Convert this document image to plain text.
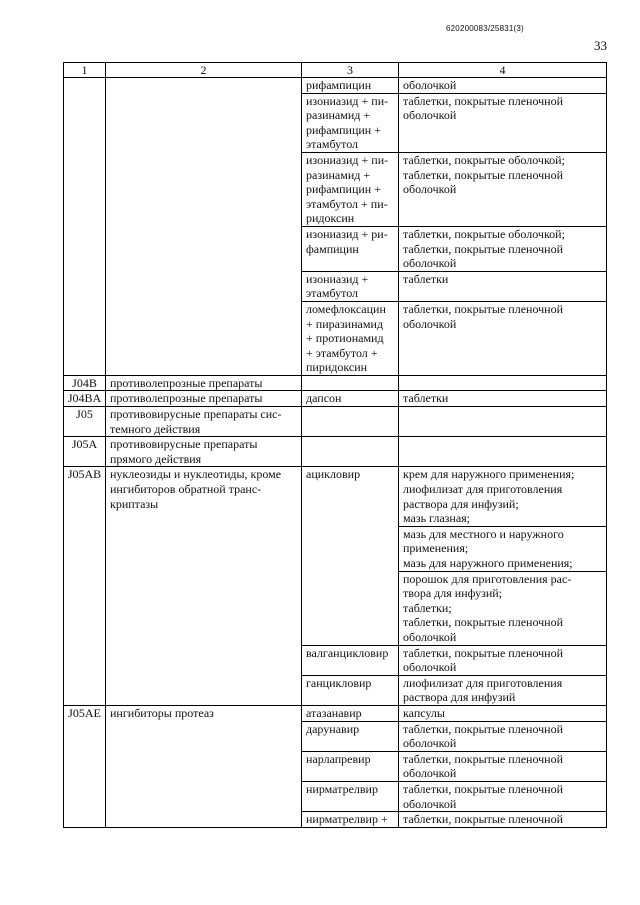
620200083/25831(3)
33
1	2	3	4
		рифампицин	оболочкой
		изониазид + пи-
разинамид +
рифампицин +
этамбутол	таблетки, покрытые пленочной
оболочкой
		изониазид + пи-
разинамид +
рифампицин +
этамбутол + пи-
ридоксин	таблетки, покрытые оболочкой;
таблетки, покрытые пленочной
оболочкой
		изониазид + ри-
фампицин	таблетки, покрытые оболочкой;
таблетки, покрытые пленочной
оболочкой
		изониазид +
этамбутол	таблетки
		ломефлоксацин
+ пиразинамид
+ протионамид
+ этамбутол +
пиридоксин	таблетки, покрытые пленочной
оболочкой
J04B	противолепрозные препараты		
J04BA	противолепрозные препараты	дапсон	таблетки
J05	противовирусные препараты сис-
темного действия		
J05A	противовирусные препараты
прямого действия		
J05AB	нуклеозиды и нуклеотиды, кроме
ингибиторов обратной транс-
криптазы	ацикловир	крем для наружного применения;
лиофилизат для приготовления
раствора для инфузий;
мазь глазная;
			мазь для местного и наружного
применения;
мазь для наружного применения;
			порошок для приготовления рас-
твора для инфузий;
таблетки;
таблетки, покрытые пленочной
оболочкой
		валганцикловир	таблетки, покрытые пленочной
оболочкой
		ганцикловир	лиофилизат для приготовления
раствора для инфузий
J05AE	ингибиторы протеаз	атазанавир	капсулы
		дарунавир	таблетки, покрытые пленочной
оболочкой
		нарлапревир	таблетки, покрытые пленочной
оболочкой
		нирматрелвир	таблетки, покрытые пленочной
оболочкой
		нирматрелвир +	таблетки, покрытые пленочной
